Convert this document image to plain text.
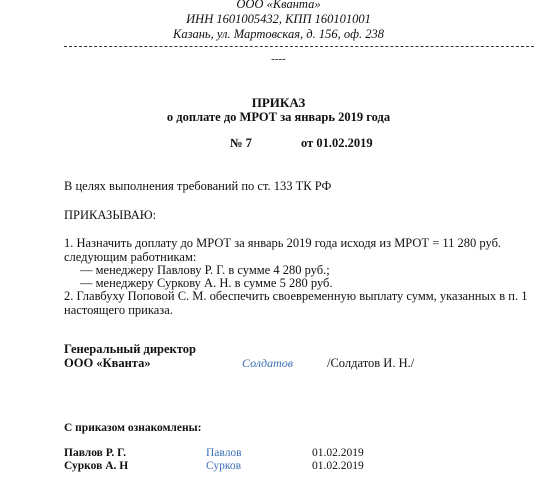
ООО «Кванта»
ИНН 1601005432, КПП 160101001
Казань, ул. Мартовская, д. 156, оф. 238
----
ПРИКАЗ
о доплате до МРОТ за январь 2019 года
№ 7	от 01.02.2019
В целях выполнения требований по ст. 133 ТК РФ
ПРИКАЗЫВАЮ:
1. Назначить доплату до МРОТ за январь 2019 года исходя из МРОТ = 11 280 руб.
следующим работникам:
— менеджеру Павлову Р. Г. в сумме 4 280 руб.;
— менеджеру Суркову А. Н. в сумме 5 280 руб.
2. Главбуху Поповой С. М. обеспечить своевременную выплату сумм, указанных в п. 1
настоящего приказа.
Генеральный директор
ООО «Кванта»	Солдатов	/Солдатов И. Н./
С приказом ознакомлены:
Павлов Р. Г.	Павлов	01.02.2019
Сурков А. Н	Сурков	01.02.2019
